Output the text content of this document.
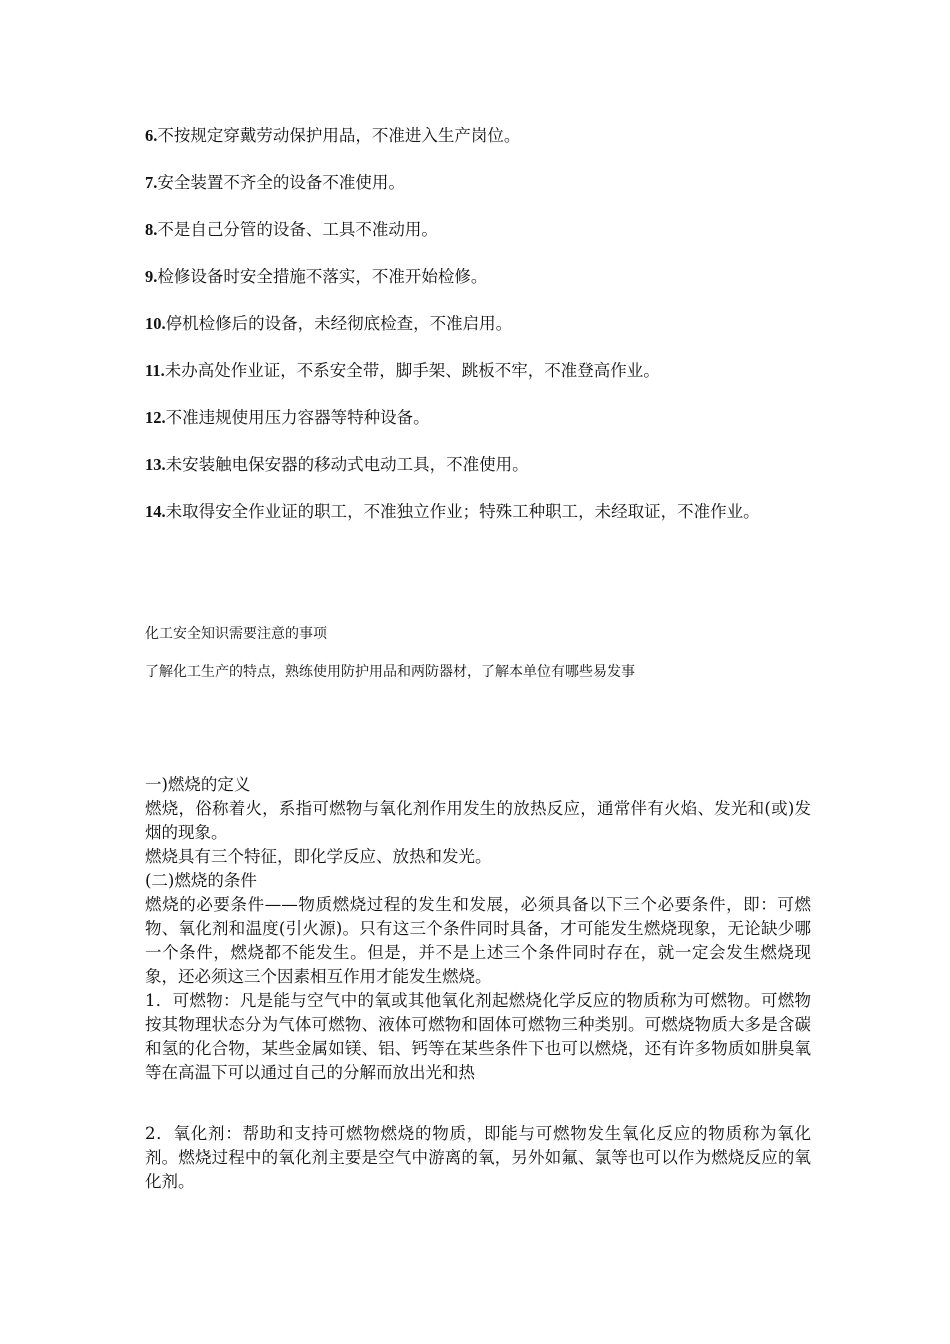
6.不按规定穿戴劳动保护用品，不准进入生产岗位。
7.安全装置不齐全的设备不准使用。
8.不是自己分管的设备、工具不准动用。
9.检修设备时安全措施不落实，不准开始检修。
10.停机检修后的设备，未经彻底检查，不准启用。
11.未办高处作业证，不系安全带，脚手架、跳板不牢，不准登高作业。
12.不准违规使用压力容器等特种设备。
13.未安装触电保安器的移动式电动工具，不准使用。
14.未取得安全作业证的职工，不准独立作业；特殊工种职工，未经取证，不准作业。
化工安全知识需要注意的事项
了解化工生产的特点，熟练使用防护用品和两防器材，了解本单位有哪些易发事

一)燃烧的定义

燃烧，俗称着火，系指可燃物与氧化剂作用发生的放热反应，通常伴有火焰、发光和(或)发烟的现象。

燃烧具有三个特征，即化学反应、放热和发光。

(二)燃烧的条件

燃烧的必要条件——物质燃烧过程的发生和发展，必须具备以下三个必要条件，即：可燃物、氧化剂和温度(引火源)。只有这三个条件同时具备，才可能发生燃烧现象，无论缺少哪一个条件，燃烧都不能发生。但是，并不是上述三个条件同时存在，就一定会发生燃烧现象，还必须这三个因素相互作用才能发生燃烧。

1．可燃物：凡是能与空气中的氧或其他氧化剂起燃烧化学反应的物质称为可燃物。可燃物按其物理状态分为气体可燃物、液体可燃物和固体可燃物三种类别。可燃烧物质大多是含碳和氢的化合物，某些金属如镁、铝、钙等在某些条件下也可以燃烧，还有许多物质如肼臭氧等在高温下可以通过自己的分解而放出光和热

2．氧化剂：帮助和支持可燃物燃烧的物质，即能与可燃物发生氧化反应的物质称为氧化剂。燃烧过程中的氧化剂主要是空气中游离的氧，另外如氟、氯等也可以作为燃烧反应的氧化剂。
